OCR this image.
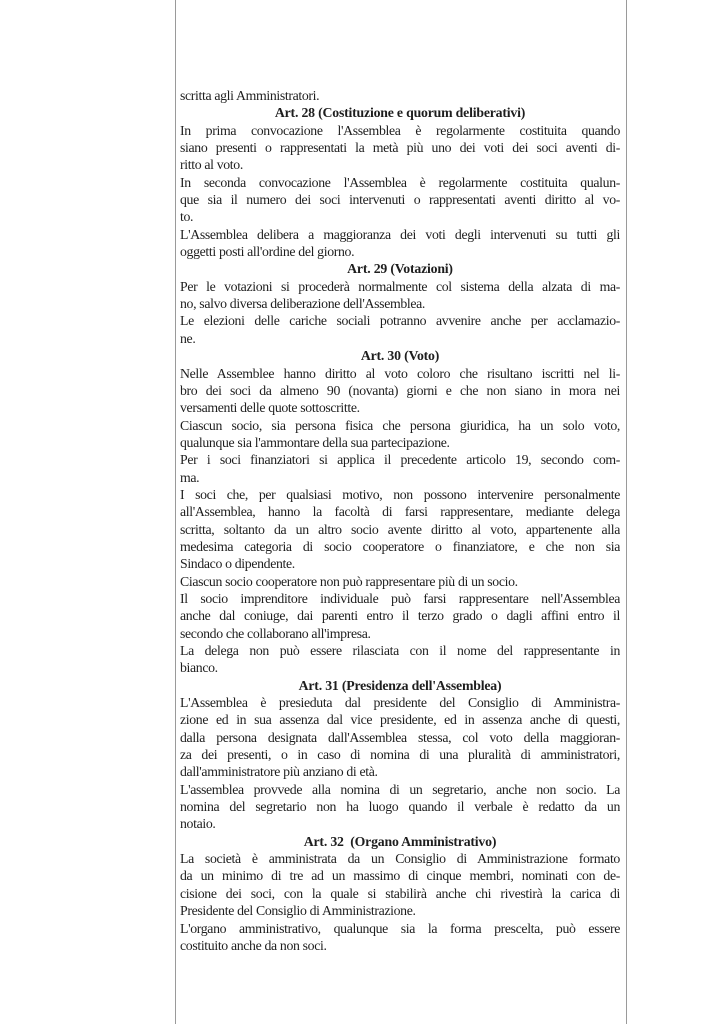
scritta agli Amministratori.
Art. 28 (Costituzione e quorum deliberativi)
In prima convocazione l'Assemblea è regolarmente costituita quando
siano presenti o rappresentati la metà più uno dei voti dei soci aventi di-
ritto al voto.
In seconda convocazione l'Assemblea è regolarmente costituita qualun-
que sia il numero dei soci intervenuti o rappresentati aventi diritto al vo-
to.
L'Assemblea delibera a maggioranza dei voti degli intervenuti su tutti gli
oggetti posti all'ordine del giorno.
Art. 29 (Votazioni)
Per le votazioni si procederà normalmente col sistema della alzata di ma-
no, salvo diversa deliberazione dell'Assemblea.
Le elezioni delle cariche sociali potranno avvenire anche per acclamazio-
ne.
Art. 30 (Voto)
Nelle Assemblee hanno diritto al voto coloro che risultano iscritti nel li-
bro dei soci da almeno 90 (novanta) giorni e che non siano in mora nei
versamenti delle quote sottoscritte.
Ciascun socio, sia persona fisica che persona giuridica, ha un solo voto,
qualunque sia l'ammontare della sua partecipazione.
Per i soci finanziatori si applica il precedente articolo 19, secondo com-
ma.
I soci che, per qualsiasi motivo, non possono intervenire personalmente
all'Assemblea, hanno la facoltà di farsi rappresentare, mediante delega
scritta, soltanto da un altro socio avente diritto al voto, appartenente alla
medesima categoria di socio cooperatore o finanziatore, e che non sia
Sindaco o dipendente.
Ciascun socio cooperatore non può rappresentare più di un socio.
Il socio imprenditore individuale può farsi rappresentare nell'Assemblea
anche dal coniuge, dai parenti entro il terzo grado o dagli affini entro il
secondo che collaborano all'impresa.
La delega non può essere rilasciata con il nome del rappresentante in
bianco.
Art. 31 (Presidenza dell'Assemblea)
L'Assemblea è presieduta dal presidente del Consiglio di Amministra-
zione ed in sua assenza dal vice presidente, ed in assenza anche di questi,
dalla persona designata dall'Assemblea stessa, col voto della maggioran-
za dei presenti, o in caso di nomina di una pluralità di amministratori,
dall'amministratore più anziano di età.
L'assemblea provvede alla nomina di un segretario, anche non socio. La
nomina del segretario non ha luogo quando il verbale è redatto da un
notaio.
Art. 32  (Organo Amministrativo)
La società è amministrata da un Consiglio di Amministrazione formato
da un minimo di tre ad un massimo di cinque membri, nominati con de-
cisione dei soci, con la quale si stabilirà anche chi rivestirà la carica di
Presidente del Consiglio di Amministrazione.
L'organo amministrativo, qualunque sia la forma prescelta, può essere
costituito anche da non soci.
